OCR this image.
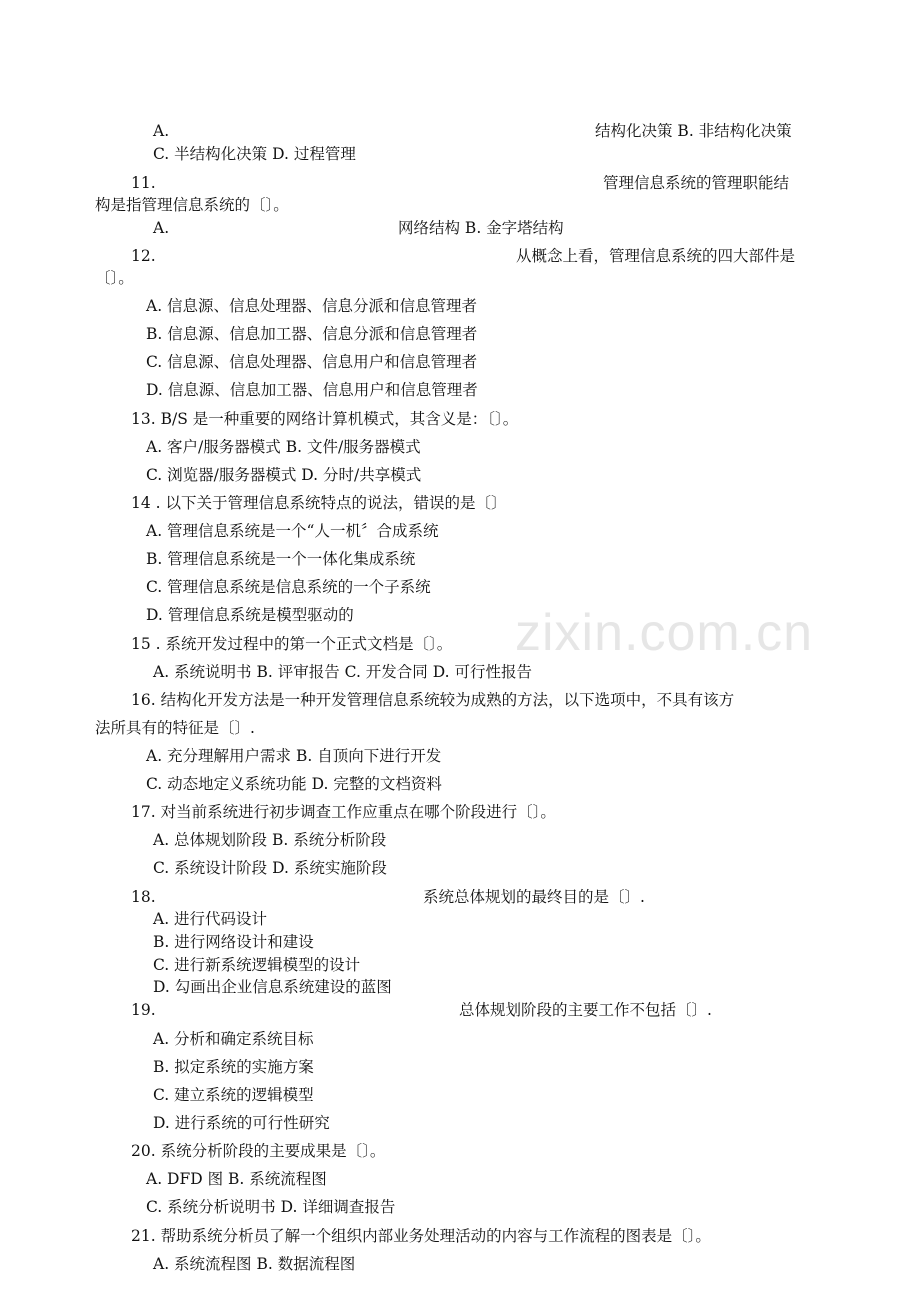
zixin.com.cn
A.	结构化决策 B. 非结构化决策
C. 半结构化决策 D. 过程管理
11.	管理信息系统的管理职能结
构是指管理信息系统的〔〕。
A.	网络结构 B. 金字塔结构
12.	从概念上看，管理信息系统的四大部件是
〔〕。
A. 信息源、信息处理器、信息分派和信息管理者
B. 信息源、信息加工器、信息分派和信息管理者
C. 信息源、信息处理器、信息用户和信息管理者
D. 信息源、信息加工器、信息用户和信息管理者
13. B/S 是一种重要的网络计算机模式，其含义是：〔〕。
A. 客户/服务器模式 B. 文件/服务器模式
C. 浏览器/服务器模式 D. 分时/共享模式
14 . 以下关于管理信息系统特点的说法，错误的是〔〕
A. 管理信息系统是一个“人一机〞合成系统
B. 管理信息系统是一个一体化集成系统
C. 管理信息系统是信息系统的一个子系统
D. 管理信息系统是模型驱动的
15 . 系统开发过程中的第一个正式文档是〔〕。
A. 系统说明书 B. 评审报告 C. 开发合同 D. 可行性报告
16. 结构化开发方法是一种开发管理信息系统较为成熟的方法，以下选项中，不具有该方
法所具有的特征是〔〕.
A. 充分理解用户需求 B. 自顶向下进行开发
C. 动态地定义系统功能 D. 完整的文档资料
17. 对当前系统进行初步调查工作应重点在哪个阶段进行〔〕。
A. 总体规划阶段 B. 系统分析阶段
C. 系统设计阶段 D. 系统实施阶段
18.	系统总体规划的最终目的是〔〕.
A. 进行代码设计
B. 进行网络设计和建设
C. 进行新系统逻辑模型的设计
D. 勾画出企业信息系统建设的蓝图
19.	总体规划阶段的主要工作不包括〔〕.
A. 分析和确定系统目标
B. 拟定系统的实施方案
C. 建立系统的逻辑模型
D. 进行系统的可行性研究
20. 系统分析阶段的主要成果是〔〕。
A. DFD 图 B. 系统流程图
C. 系统分析说明书 D. 详细调查报告
21. 帮助系统分析员了解一个组织内部业务处理活动的内容与工作流程的图表是〔〕。
A. 系统流程图 B. 数据流程图
